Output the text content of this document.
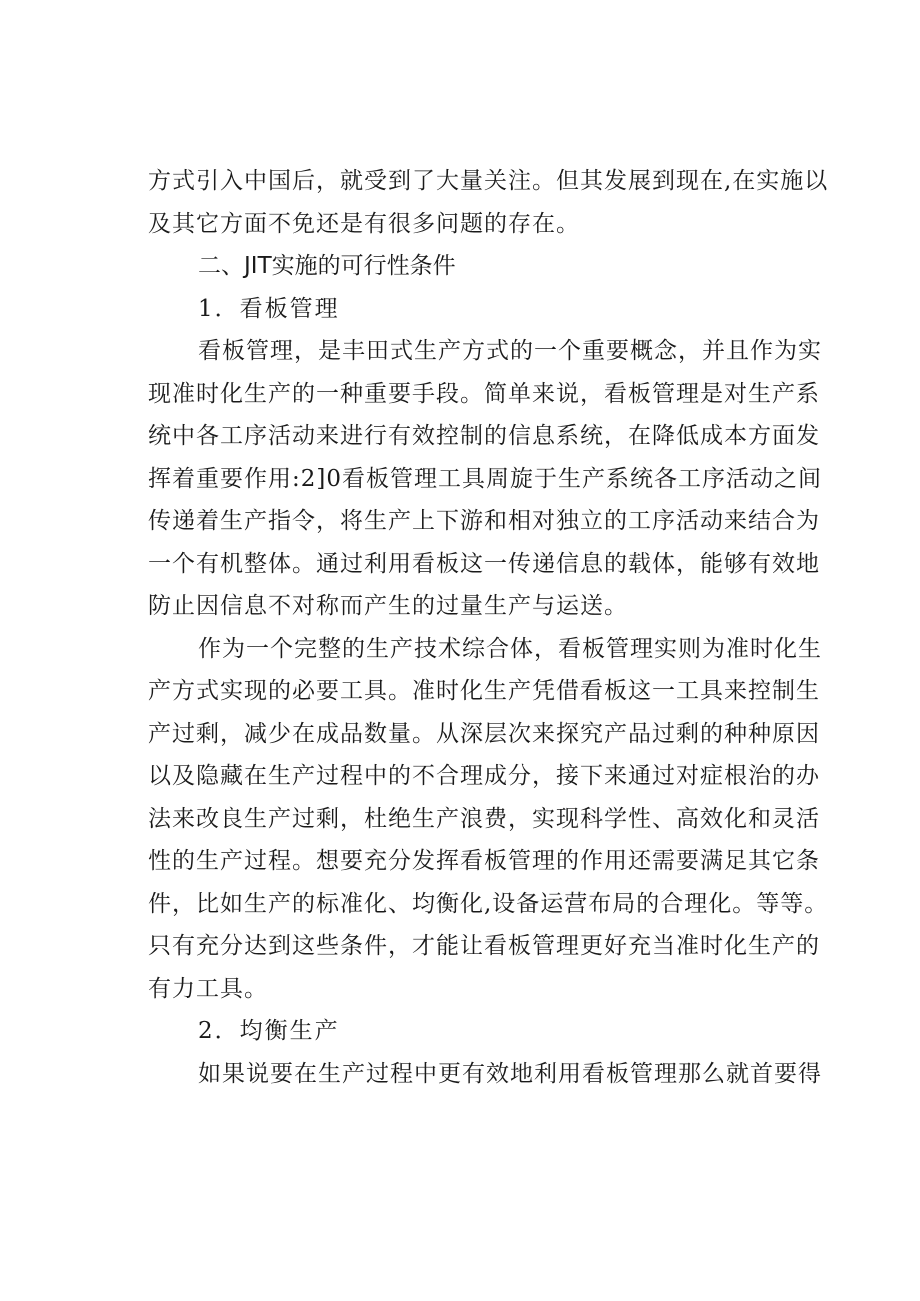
方式引入中国后，就受到了大量关注。但其发展到现在,在实施以
及其它方面不免还是有很多问题的存在。
二、JIT实施的可行性条件
1．看板管理
看板管理，是丰田式生产方式的一个重要概念，并且作为实
现准时化生产的一种重要手段。简单来说，看板管理是对生产系
统中各工序活动来进行有效控制的信息系统，在降低成本方面发
挥着重要作用:2]0看板管理工具周旋于生产系统各工序活动之间
传递着生产指令，将生产上下游和相对独立的工序活动来结合为
一个有机整体。通过利用看板这一传递信息的载体，能够有效地
防止因信息不对称而产生的过量生产与运送。
作为一个完整的生产技术综合体，看板管理实则为准时化生
产方式实现的必要工具。准时化生产凭借看板这一工具来控制生
产过剩，减少在成品数量。从深层次来探究产品过剩的种种原因
以及隐藏在生产过程中的不合理成分，接下来通过对症根治的办
法来改良生产过剩，杜绝生产浪费，实现科学性、高效化和灵活
性的生产过程。想要充分发挥看板管理的作用还需要满足其它条
件，比如生产的标准化、均衡化,设备运营布局的合理化。等等。
只有充分达到这些条件，才能让看板管理更好充当准时化生产的
有力工具。
2．均衡生产
如果说要在生产过程中更有效地利用看板管理那么就首要得
